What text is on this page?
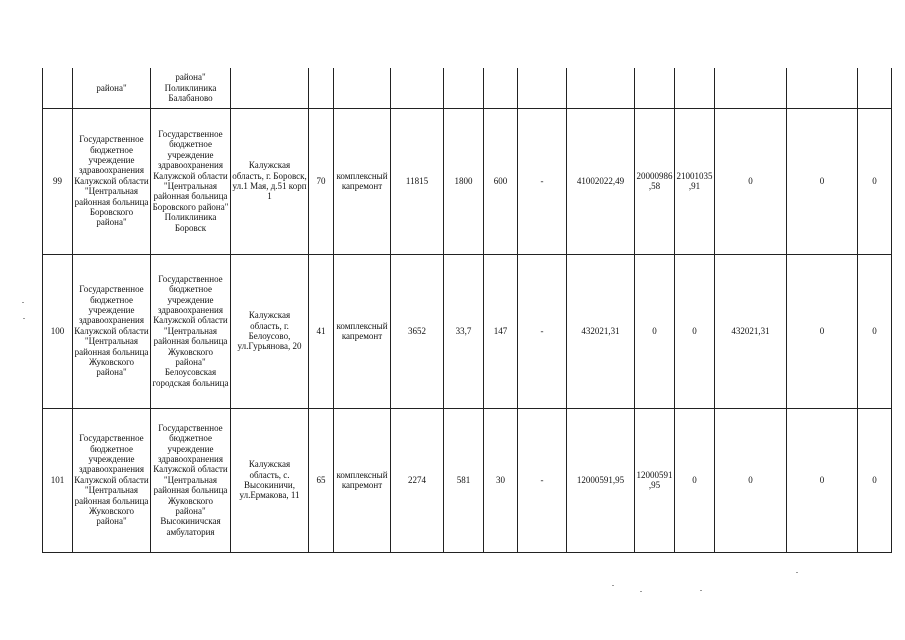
	района"	района" Поликлиника Балабаново													
99	Государственное бюджетное учреждение здравоохранения Калужской области "Центральная районная больница Боровского района"	Государственное бюджетное учреждение здравоохранения Калужской области "Центральная районная больница Боровского района" Поликлиника Боровск	Калужская область, г. Боровск, ул.1 Мая, д.51 корп 1	70	комплексный капремонт	11815	1800	600	-	41002022,49	20000986,58	21001035,91	0	0	0
100	Государственное бюджетное учреждение здравоохранения Калужской области "Центральная районная больница Жуковского района"	Государственное бюджетное учреждение здравоохранения Калужской области "Центральная районная больница Жуковского района" Белоусовская городская больница	Калужская область, г. Белоусово, ул.Гурьянова, 20	41	комплексный капремонт	3652	33,7	147	-	432021,31	0	0	432021,31	0	0
101	Государственное бюджетное учреждение здравоохранения Калужской области "Центральная районная больница Жуковского района"	Государственное бюджетное учреждение здравоохранения Калужской области "Центральная районная больница Жуковского района" Высокиничская амбулатория	Калужская область, с. Высокиничи, ул.Ермакова, 11	65	комплексный капремонт	2274	581	30	-	12000591,95	12000591,95	0	0	0	0
